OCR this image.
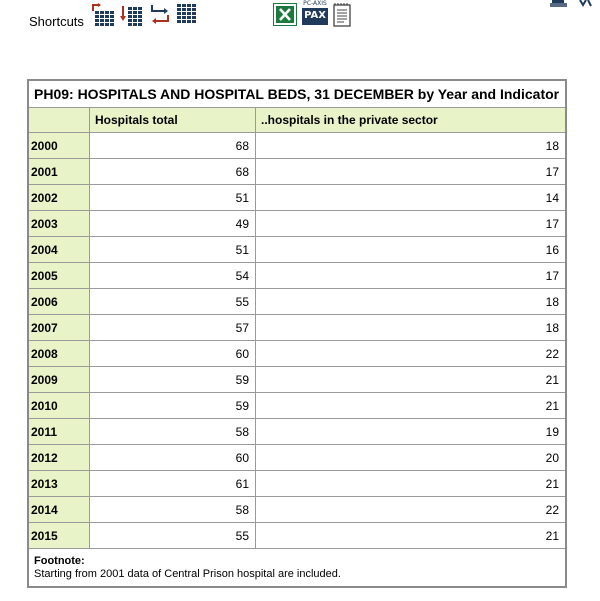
Shortcuts
PC-AXIS
PAX
PH09: HOSPITALS AND HOSPITAL BEDS, 31 DECEMBER by Year and Indicator		
	Hospitals total	..hospitals in the private sector
2000	68	18
2001	68	17
2002	51	14
2003	49	17
2004	51	16
2005	54	17
2006	55	18
2007	57	18
2008	60	22
2009	59	21
2010	59	21
2011	58	19
2012	60	20
2013	61	21
2014	58	22
2015	55	21

Footnote:
Starting from 2001 data of Central Prison hospital are included.		
